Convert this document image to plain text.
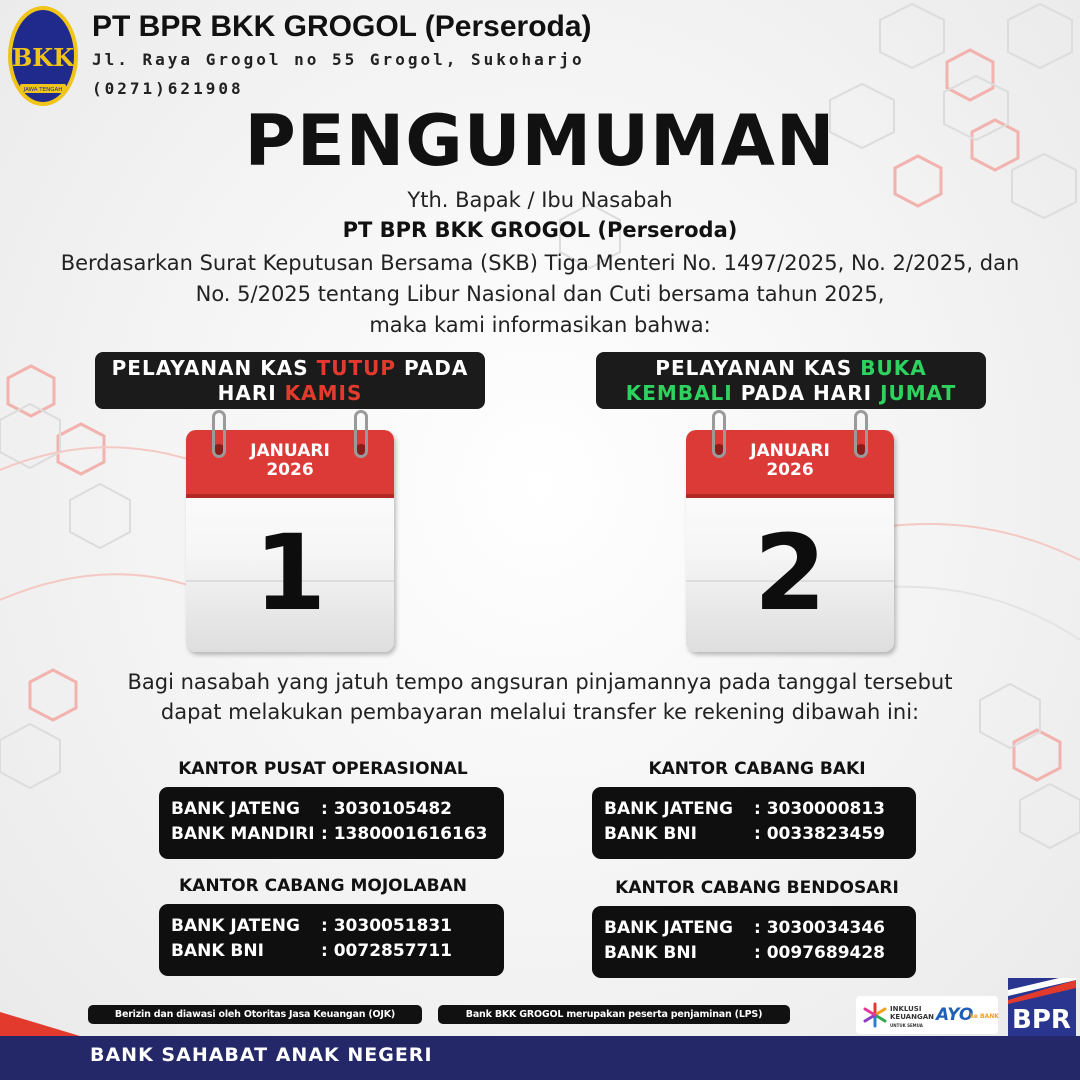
BKK
JAWA TENGAH
PT BPR BKK GROGOL (Perseroda)
Jl. Raya Grogol no 55 Grogol, Sukoharjo
(0271)621908
PENGUMUMAN
Yth. Bapak / Ibu Nasabah
PT BPR BKK GROGOL (Perseroda)
Berdasarkan Surat Keputusan Bersama (SKB) Tiga Menteri No. 1497/2025, No. 2/2025, dan
No. 5/2025 tentang Libur Nasional dan Cuti bersama tahun 2025,
maka kami informasikan bahwa:
PELAYANAN KAS TUTUP PADA
HARI KAMIS
PELAYANAN KAS BUKA
KEMBALI PADA HARI JUMAT
JANUARI
2026
1
JANUARI
2026
2
Bagi nasabah yang jatuh tempo angsuran pinjamannya pada tanggal tersebut
dapat melakukan pembayaran melalui transfer ke rekening dibawah ini:
KANTOR PUSAT OPERASIONAL
BANK JATENG : 3030105482
BANK MANDIRI : 1380001616163
KANTOR CABANG BAKI
BANK JATENG : 3030000813
BANK BNI	: 0033823459
KANTOR CABANG MOJOLABAN
BANK JATENG : 3030051831
BANK BNI	: 0072857711
KANTOR CABANG BENDOSARI
BANK JATENG : 3030034346
BANK BNI	: 0097689428
Berizin dan diawasi oleh Otoritas Jasa Keuangan (OJK)	Bank BKK GROGOL merupakan peserta penjaminan (LPS)	INKLUSI KEUANGAN
UNTUK SEMUA
AYO
ke BANK BPR
BANK SAHABAT ANAK NEGERI
